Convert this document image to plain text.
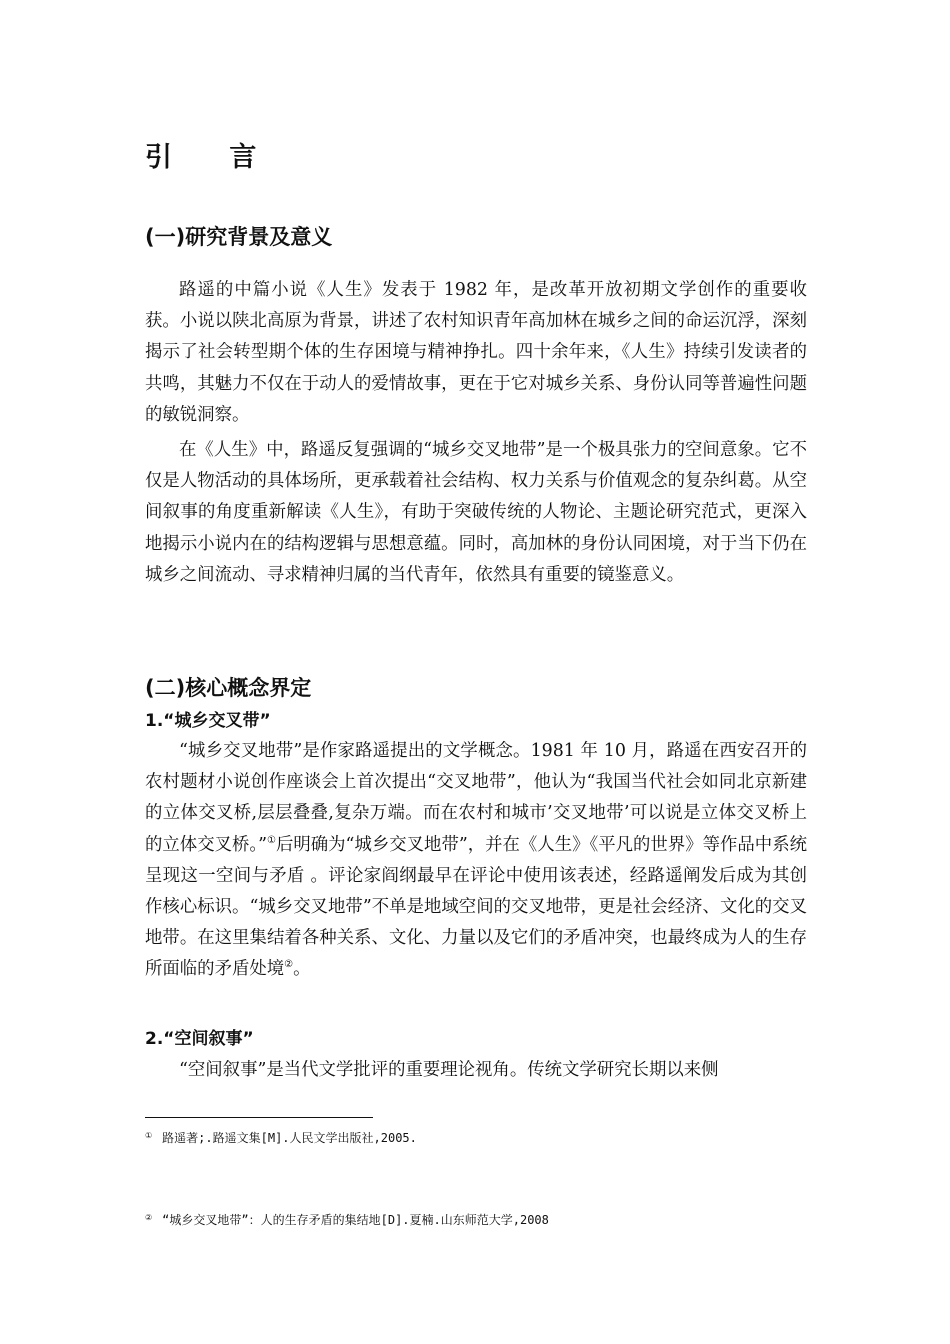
引 言
(一)研究背景及意义

路遥的中篇小说《人生》发表于 1982 年，是改革开放初期文学创作的重要收获。小说以陕北高原为背景，讲述了农村知识青年高加林在城乡之间的命运沉浮，深刻揭示了社会转型期个体的生存困境与精神挣扎。四十余年来，《人生》持续引发读者的共鸣，其魅力不仅在于动人的爱情故事，更在于它对城乡关系、身份认同等普遍性问题的敏锐洞察。

在《人生》中，路遥反复强调的“城乡交叉地带”是一个极具张力的空间意象。它不仅是人物活动的具体场所，更承载着社会结构、权力关系与价值观念的复杂纠葛。从空间叙事的角度重新解读《人生》，有助于突破传统的人物论、主题论研究范式，更深入地揭示小说内在的结构逻辑与思想意蕴。同时，高加林的身份认同困境，对于当下仍在城乡之间流动、寻求精神归属的当代青年，依然具有重要的镜鉴意义。

(二)核心概念界定
1.“城乡交叉带”

“城乡交叉地带”是作家路遥提出的文学概念。1981 年 10 月，路遥在西安召开的农村题材小说创作座谈会上首次提出“交叉地带”，他认为“我国当代社会如同北京新建的立体交叉桥,层层叠叠,复杂万端。而在农村和城市’交叉地带’可以说是立体交叉桥上的立体交叉桥。”①后明确为“城乡交叉地带”，并在《人生》《平凡的世界》等作品中系统呈现这一空间与矛盾 。评论家阎纲最早在评论中使用该表述，经路遥阐发后成为其创作核心标识。“城乡交叉地带”不单是地域空间的交叉地带，更是社会经济、文化的交叉地带。在这里集结着各种关系、文化、力量以及它们的矛盾冲突，也最终成为人的生存所面临的矛盾处境②。

2.“空间叙事”

“空间叙事”是当代文学批评的重要理论视角。传统文学研究长期以来侧

① 路遥著;.路遥文集[M].人民文学出版社,2005.

② “城乡交叉地带”：人的生存矛盾的集结地[D].夏楠.山东师范大学,2008
